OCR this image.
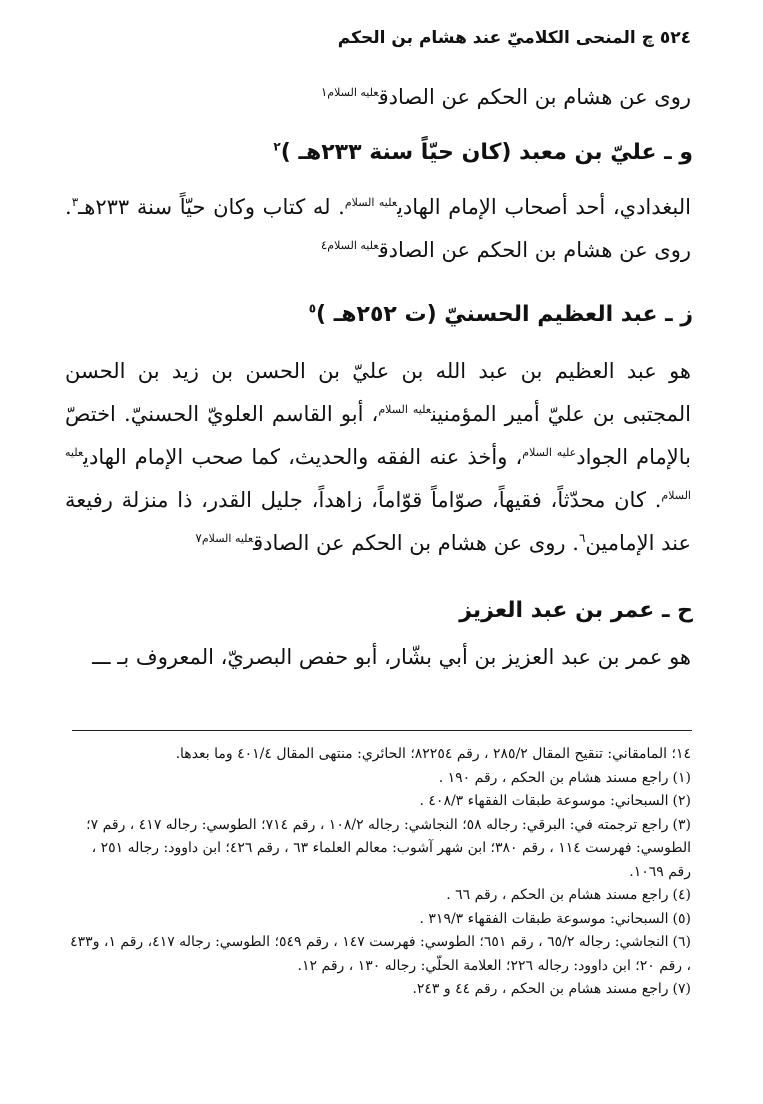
٥٢٤ ﭺ المنحى الكلاميّ عند هشام بن الحكم
روى عن هشام بن الحكم عن الصادق$^{عليه السلام١}$
و ـ عليّ بن معبد (كان حيّاً سنة ٢٣٣هـ )$^٢$
البغدادي، أحد أصحاب الإمام الهادي$^{عليه السلام}$. له كتاب وكان حيّاً سنة ٢٣٣هـ$^٣$. روى عن هشام بن الحكم عن الصادق$^{عليه السلام٤}$
ز ـ عبد العظيم الحسنيّ (ت ٢٥٢هـ )$^٥$
هو عبد العظيم بن عبد الله بن عليّ بن الحسن بن زيد بن الحسن المجتبى بن عليّ أمير المؤمنين$^{عليه السلام}$، أبو القاسم العلويّ الحسنيّ. اختصّ بالإمام الجواد$^{عليه السلام}$، وأخذ عنه الفقه والحديث، كما صحب الإمام الهادي$^{عليه السلام}$. كان محدّثاً، فقيهاً، صوّاماً قوّاماً، زاهداً، جليل القدر، ذا منزلة رفيعة عند الإمامين$^٦$. روى عن هشام بن الحكم عن الصادق$^{عليه السلام٧}$
ح ـ عمر بن عبد العزيز
هو عمر بن عبد العزيز بن أبي بشّار، أبو حفص البصريّ، المعروف بـ ـــ

١٤؛ المامقاني: تنقيح المقال ٢٨٥/٢ ، رقم ٨٢٢٥٤؛ الحائري: منتهى المقال ٤٠١/٤ وما بعدها.

(١)راجع مسند هشام بن الحكم ، رقم ١٩٠ .

(٢)السبحاني: موسوعة طبقات الفقهاء ٤٠٨/٣ .

(٣)راجع ترجمته في: البرقي: رجاله ٥٨؛ النجاشي: رجاله ١٠٨/٢ ، رقم ٧١٤؛ الطوسي: رجاله ٤١٧ ، رقم ٧؛ الطوسي: فهرست ١١٤ ، رقم ٣٨٠؛ ابن شهر آشوب: معالم العلماء ٦٣ ، رقم ٤٢٦؛ ابن داوود: رجاله ٢٥١ ، رقم ١٠٦٩.

(٤)راجع مسند هشام بن الحكم ، رقم ٦٦ .

(٥)السبحاني: موسوعة طبقات الفقهاء ٣١٩/٣ .

(٦)النجاشي: رجاله ٦٥/٢ ، رقم ٦٥١؛ الطوسي: فهرست ١٤٧ ، رقم ٥٤٩؛ الطوسي: رجاله ٤١٧، رقم ١، و٤٣٣ ، رقم ٢٠؛ ابن داوود: رجاله ٢٢٦؛ العلامة الحلّي: رجاله ١٣٠ ، رقم ١٢.

(٧)راجع مسند هشام بن الحكم ، رقم ٤٤ و ٢٤٣.
